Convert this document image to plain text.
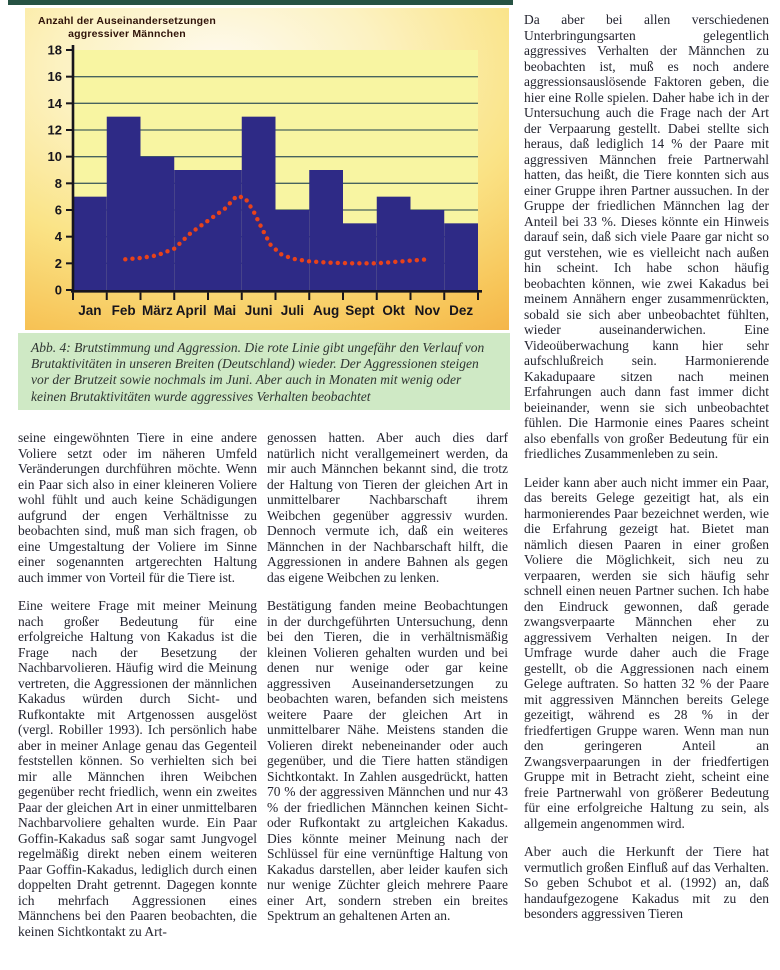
0
2
4
6
8
10
12
14
16
18
Jan Feb März April Mai Juni Juli Aug Sept Okt Nov Dez
Anzahl der Auseinandersetzungen
aggressiver Männchen

Abb. 4: Brutstimmung und Aggression. Die rote Linie gibt ungefähr den Verlauf von Brutaktivitäten in unseren Breiten (Deutschland) wieder. Der Aggressionen steigen vor der Brutzeit sowie nochmals im Juni. Aber auch in Monaten mit wenig oder keinen Brutaktivitäten wurde aggressives Verhalten beobachtet

seine eingewöhnten Tiere in eine andere Voliere setzt oder im näheren Umfeld Veränderungen durchführen möchte. Wenn ein Paar sich also in einer kleineren Voliere wohl fühlt und auch keine Schädigungen aufgrund der engen Verhältnisse zu beobachten sind, muß man sich fragen, ob eine Umgestaltung der Voliere im Sinne einer sogenannten artgerechten Haltung auch immer von Vorteil für die Tiere ist.

Eine weitere Frage mit meiner Meinung nach großer Bedeutung für eine erfolgreiche Haltung von Kakadus ist die Frage nach der Besetzung der Nachbarvolieren. Häufig wird die Meinung vertreten, die Aggressionen der männlichen Kakadus würden durch Sicht- und Rufkontakte mit Artgenossen ausgelöst (vergl. Robiller 1993). Ich persönlich habe aber in meiner Anlage genau das Gegenteil feststellen können. So verhielten sich bei mir alle Männchen ihren Weibchen gegenüber recht friedlich, wenn ein zweites Paar der gleichen Art in einer unmittelbaren Nachbarvoliere gehalten wurde. Ein Paar Goffin-Kakadus saß sogar samt Jungvogel regelmäßig direkt neben einem weiteren Paar Goffin-Kakadus, lediglich durch einen doppelten Draht getrennt. Dagegen konnte ich mehrfach Aggressionen eines Männchens bei den Paaren beobachten, die keinen Sichtkontakt zu Art-

genossen hatten. Aber auch dies darf natürlich nicht verallgemeinert werden, da mir auch Männchen bekannt sind, die trotz der Haltung von Tieren der gleichen Art in unmittelbarer Nachbarschaft ihrem Weibchen gegenüber aggressiv wurden. Dennoch vermute ich, daß ein weiteres Männchen in der Nachbarschaft hilft, die Aggressionen in andere Bahnen als gegen das eigene Weibchen zu lenken.

Bestätigung fanden meine Beobachtungen in der durchgeführten Untersuchung, denn bei den Tieren, die in verhältnismäßig kleinen Volieren gehalten wurden und bei denen nur wenige oder gar keine aggressiven Auseinandersetzungen zu beobachten waren, befanden sich meistens weitere Paare der gleichen Art in unmittelbarer Nähe. Meistens standen die Volieren direkt nebeneinander oder auch gegenüber, und die Tiere hatten ständigen Sichtkontakt. In Zahlen ausgedrückt, hatten 70 % der aggressiven Männchen und nur 43 % der friedlichen Männchen keinen Sicht- oder Rufkontakt zu artgleichen Kakadus. Dies könnte meiner Meinung nach der Schlüssel für eine vernünftige Haltung von Kakadus darstellen, aber leider kaufen sich nur wenige Züchter gleich mehrere Paare einer Art, sondern streben ein breites Spektrum an gehaltenen Arten an.

Da aber bei allen verschiedenen Unterbringungsarten gelegentlich aggressives Verhalten der Männchen zu beobachten ist, muß es noch andere aggressionsauslösende Faktoren geben, die hier eine Rolle spielen. Daher habe ich in der Untersuchung auch die Frage nach der Art der Verpaarung gestellt. Dabei stellte sich heraus, daß lediglich 14 % der Paare mit aggressiven Männchen freie Partnerwahl hatten, das heißt, die Tiere konnten sich aus einer Gruppe ihren Partner aussuchen. In der Gruppe der friedlichen Männchen lag der Anteil bei 33 %. Dieses könnte ein Hinweis darauf sein, daß sich viele Paare gar nicht so gut verstehen, wie es vielleicht nach außen hin scheint. Ich habe schon häufig beobachten können, wie zwei Kakadus bei meinem Annähern enger zusammenrückten, sobald sie sich aber unbeobachtet fühlten, wieder auseinanderwichen. Eine Videoüberwachung kann hier sehr aufschlußreich sein. Harmonierende Kakadupaare sitzen nach meinen Erfahrungen auch dann fast immer dicht beieinander, wenn sie sich unbeobachtet fühlen. Die Harmonie eines Paares scheint also ebenfalls von großer Bedeutung für ein friedliches Zusammenleben zu sein.

Leider kann aber auch nicht immer ein Paar, das bereits Gelege gezeitigt hat, als ein harmonierendes Paar bezeichnet werden, wie die Erfahrung gezeigt hat. Bietet man nämlich diesen Paaren in einer großen Voliere die Möglichkeit, sich neu zu verpaaren, werden sie sich häufig sehr schnell einen neuen Partner suchen. Ich habe den Eindruck gewonnen, daß gerade zwangsverpaarte Männchen eher zu aggressivem Verhalten neigen. In der Umfrage wurde daher auch die Frage gestellt, ob die Aggressionen nach einem Gelege auftraten. So hatten 32 % der Paare mit aggressiven Männchen bereits Gelege gezeitigt, während es 28 % in der friedfertigen Gruppe waren. Wenn man nun den geringeren Anteil an Zwangsverpaarungen in der friedfertigen Gruppe mit in Betracht zieht, scheint eine freie Partnerwahl von größerer Bedeutung für eine erfolgreiche Haltung zu sein, als allgemein angenommen wird.

Aber auch die Herkunft der Tiere hat vermutlich großen Einfluß auf das Verhalten. So geben Schubot et al. (1992) an, daß handaufgezogene Kakadus mit zu den besonders aggressiven Tieren
